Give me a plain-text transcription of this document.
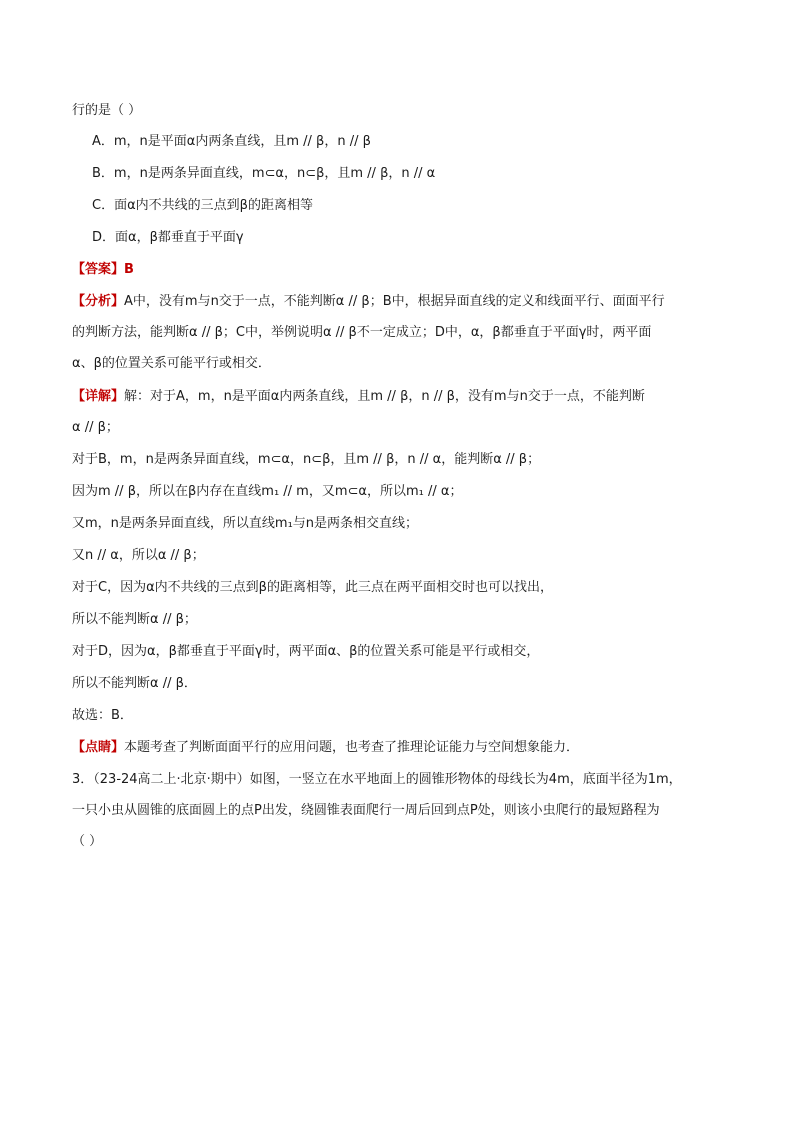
行的是（ ）
A．m，n是平面α内两条直线，且m // β，n // β
B．m，n是两条异面直线，m⊂α，n⊂β，且m // β，n // α
C．面α内不共线的三点到β的距离相等
D．面α，β都垂直于平面γ
【答案】B
【分析】A中，没有m与n交于一点，不能判断α // β；B中，根据异面直线的定义和线面平行、面面平行
的判断方法，能判断α // β；C中，举例说明α // β不一定成立；D中，α，β都垂直于平面γ时，两平面
α、β的位置关系可能平行或相交．
【详解】解：对于A，m，n是平面α内两条直线，且m // β，n // β，没有m与n交于一点，不能判断
α // β；
对于B，m，n是两条异面直线，m⊂α，n⊂β，且m // β，n // α，能判断α // β；
因为m // β，所以在β内存在直线m₁ // m，又m⊂α，所以m₁ // α；
又m，n是两条异面直线，所以直线m₁与n是两条相交直线；
又n // α，所以α // β；
对于C，因为α内不共线的三点到β的距离相等，此三点在两平面相交时也可以找出，
所以不能判断α // β；
对于D，因为α，β都垂直于平面γ时，两平面α、β的位置关系可能是平行或相交，
所以不能判断α // β．
故选：B．
【点睛】本题考查了判断面面平行的应用问题，也考查了推理论证能力与空间想象能力．
3．（23-24高二上·北京·期中）如图，一竖立在水平地面上的圆锥形物体的母线长为4m，底面半径为1m，
一只小虫从圆锥的底面圆上的点P出发，绕圆锥表面爬行一周后回到点P处，则该小虫爬行的最短路程为
（ ）
